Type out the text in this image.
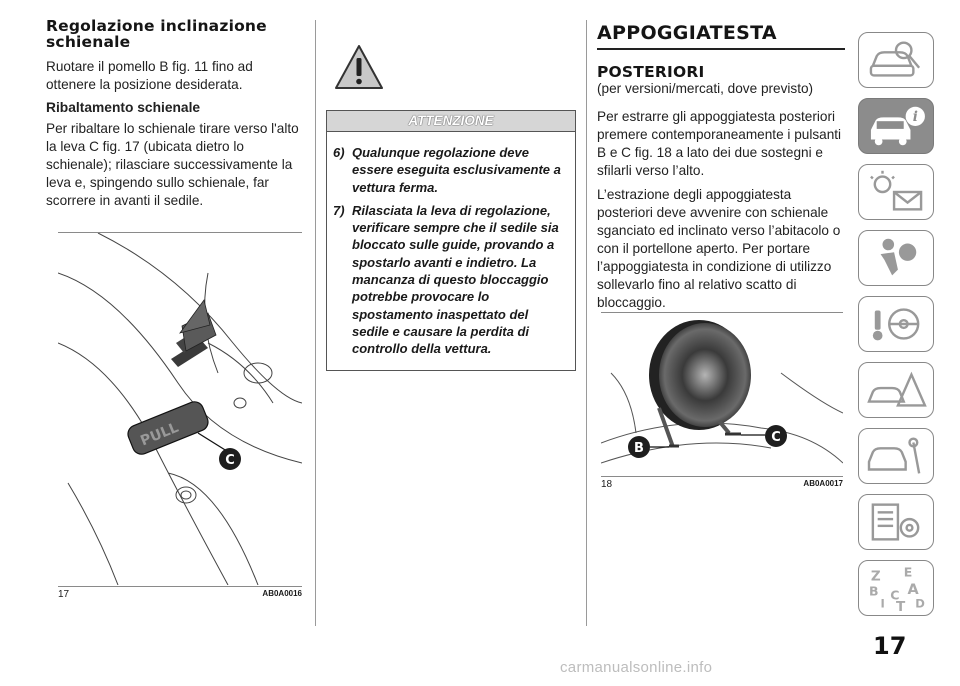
Regolazione inclinazione schienale

Ruotare il pomello B fig. 11 fino ad ottenere la posizione desiderata.

Ribaltamento schienale

Per ribaltare lo schienale tirare verso l'alto la leva C fig. 17 (ubicata dietro lo schienale); rilasciare successivamente la leva e, spingendo sullo schienale, far scorrere in avanti il sedile.

PULL
C
17	AB0A0016
ATTENZIONE
6) Qualunque regolazione deve essere eseguita esclusivamente a vettura ferma.
7) Rilasciata la leva di regolazione, verificare sempre che il sedile sia bloccato sulle guide, provando a spostarlo avanti e indietro. La mancanza di questo bloccaggio potrebbe provocare lo spostamento inaspettato del sedile e causare la perdita di controllo della vettura.
APPOGGIATESTA
POSTERIORI

(per versioni/mercati, dove previsto)

Per estrarre gli appoggiatesta posteriori premere contemporaneamente i pulsanti B e C fig. 18 a lato dei due sostegni e sfilarli verso l’alto.

L’estrazione degli appoggiatesta posteriori deve avvenire con schienale sganciato ed inclinato verso l’abitacolo o con il portellone aperto. Per portare l’appoggiatesta in condizione di utilizzo sollevarlo fino al relativo scatto di bloccaggio.

B
C
18	AB0A0017
i
Z E
B A
I
C
T D
17
carmanualsonline.info
